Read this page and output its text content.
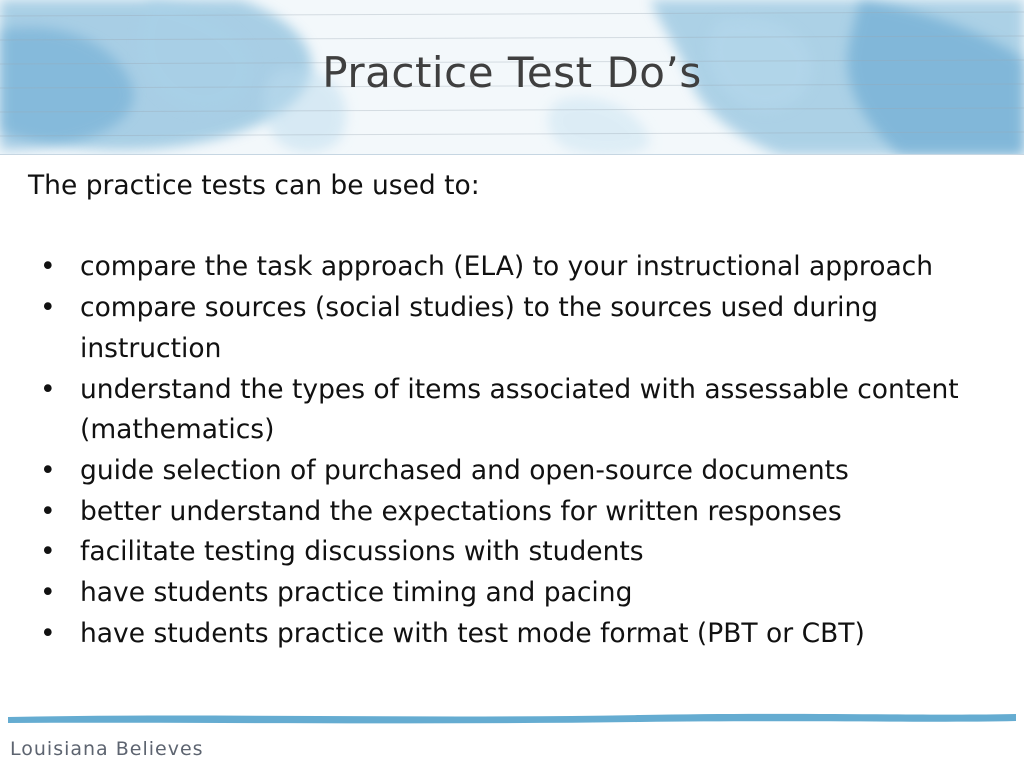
Practice Test Do’s

The practice tests can be used to:

• compare the task approach (ELA) to your instructional approach
• compare sources (social studies) to the sources used during instruction
• understand the types of items associated with assessable content (mathematics)
• guide selection of purchased and open-source documents
• better understand the expectations for written responses
• facilitate testing discussions with students
• have students practice timing and pacing
• have students practice with test mode format (PBT or CBT)
Louisiana Believes
